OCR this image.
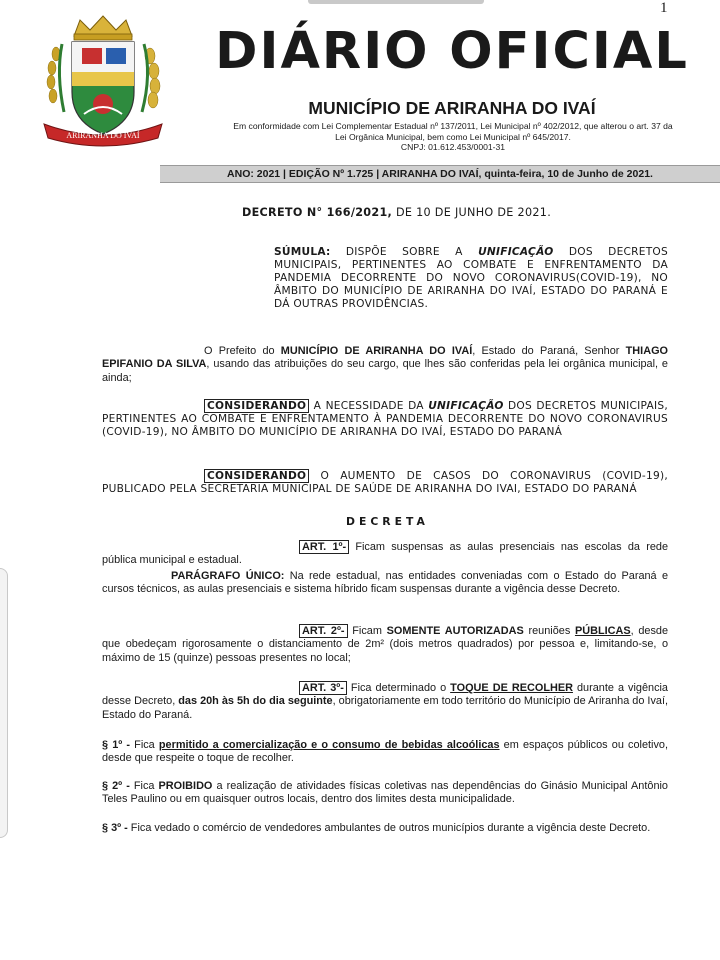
1
ARIRANHA DO IVAÍ
DIÁRIO OFICIAL
MUNICÍPIO DE ARIRANHA DO IVAÍ
Em conformidade com Lei Complementar Estadual nº 137/2011, Lei Municipal nº 402/2012, que alterou o art. 37 da
Lei Orgânica Municipal, bem como Lei Municipal nº 645/2017.
CNPJ: 01.612.453/0001-31
ANO: 2021 | EDIÇÃO Nº 1.725 | ARIRANHA DO IVAÍ, quinta-feira, 10 de Junho de 2021.
DECRETO N° 166/2021, DE 10 DE JUNHO DE 2021.
SÚMULA: DISPÕE SOBRE A UNIFICAÇÃO DOS DECRETOS MUNICIPAIS, PERTINENTES AO COMBATE E ENFRENTAMENTO DA PANDEMIA DECORRENTE DO NOVO CORONAVIRUS(COVID-19), NO ÂMBITO DO MUNICÍPIO DE ARIRANHA DO IVAÍ, ESTADO DO PARANÁ E DÁ OUTRAS PROVIDÊNCIAS.
O Prefeito do MUNICÍPIO DE ARIRANHA DO IVAÍ, Estado do Paraná, Senhor THIAGO EPIFANIO DA SILVA, usando das atribuições do seu cargo, que lhes são conferidas pela lei orgânica municipal, e ainda;
CONSIDERANDO A NECESSIDADE DA UNIFICAÇÃO DOS DECRETOS MUNICIPAIS, PERTINENTES AO COMBATE E ENFRENTAMENTO À PANDEMIA DECORRENTE DO NOVO CORONAVIRUS (COVID-19), NO ÂMBITO DO MUNICÍPIO DE ARIRANHA DO IVAÍ, ESTADO DO PARANÁ
CONSIDERANDO O AUMENTO DE CASOS DO CORONAVIRUS (COVID-19), PUBLICADO PELA SECRETARIA MUNICIPAL DE SAÚDE DE ARIRANHA DO IVAI, ESTADO DO PARANÁ
DECRETA
ART. 1º- Ficam suspensas as aulas presenciais nas escolas da rede pública municipal e estadual.
PARÁGRAFO ÚNICO: Na rede estadual, nas entidades conveniadas com o Estado do Paraná e cursos técnicos, as aulas presenciais e sistema híbrido ficam suspensas durante a vigência desse Decreto.
ART. 2º- Ficam SOMENTE AUTORIZADAS reuniões PÚBLICAS, desde que obedeçam rigorosamente o distanciamento de 2m² (dois metros quadrados) por pessoa e, limitando-se, o máximo de 15 (quinze) pessoas presentes no local;
ART. 3º- Fica determinado o TOQUE DE RECOLHER durante a vigência desse Decreto, das 20h às 5h do dia seguinte, obrigatoriamente em todo território do Município de Ariranha do Ivaí, Estado do Paraná.
§ 1º - Fica permitido a comercialização e o consumo de bebidas alcoólicas em espaços públicos ou coletivo, desde que respeite o toque de recolher.
§ 2º - Fica PROIBIDO a realização de atividades físicas coletivas nas dependências do Ginásio Municipal Antônio Teles Paulino ou em quaisquer outros locais, dentro dos limites desta municipalidade.
§ 3º - Fica vedado o comércio de vendedores ambulantes de outros municípios durante a vigência deste Decreto.
